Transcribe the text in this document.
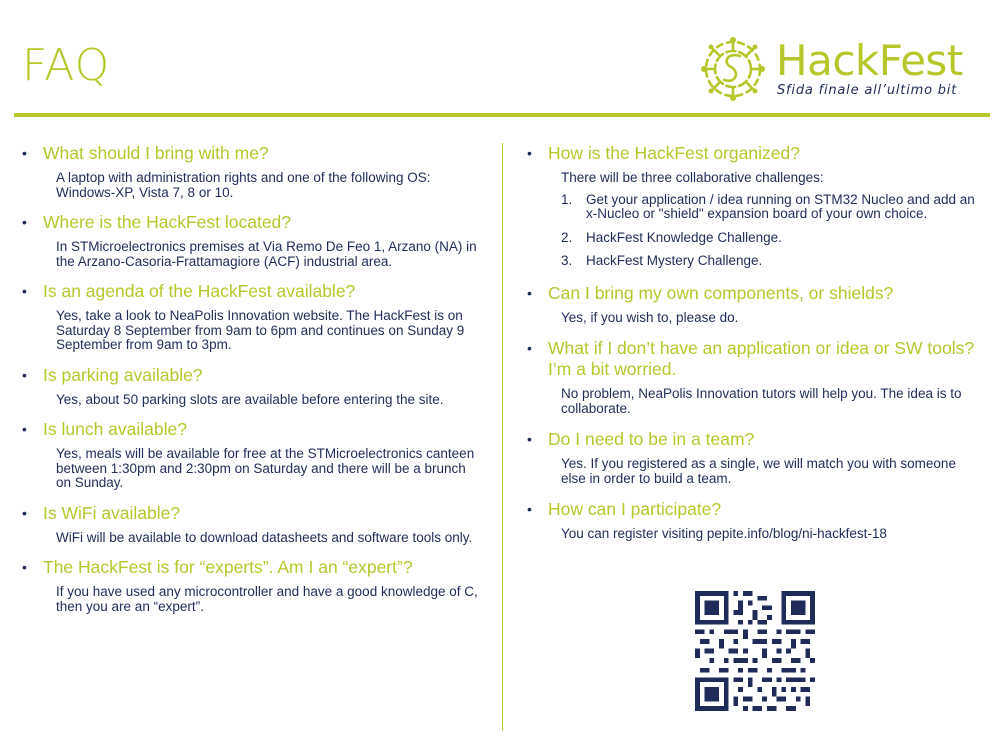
FAQ	HackFest
Sfida finale all’ultimo bit
• What should I bring with me?
A laptop with administration rights and one of the following OS: Windows-XP, Vista 7, 8 or 10.
• Where is the HackFest located?
In STMicroelectronics premises at Via Remo De Feo 1, Arzano (NA) in the Arzano-Casoria-Frattamagiore (ACF) industrial area.
• Is an agenda of the HackFest available?
Yes, take a look to NeaPolis Innovation website. The HackFest is on Saturday 8 September from 9am to 6pm and continues on Sunday 9 September from 9am to 3pm.
• Is parking available?
Yes, about 50 parking slots are available before entering the site.
• Is lunch available?
Yes, meals will be available for free at the STMicroelectronics canteen between 1:30pm and 2:30pm on Saturday and there will be a brunch on Sunday.
• Is WiFi available?
WiFi will be available to download datasheets and software tools only.
• The HackFest is for “experts”. Am I an “expert”?
If you have used any microcontroller and have a good knowledge of C, then you are an “expert”.
• How is the HackFest organized?
There will be three collaborative challenges:
1. Get your application / idea running on STM32 Nucleo and add an x-Nucleo or "shield" expansion board of your own choice.
2. HackFest Knowledge Challenge.
3. HackFest Mystery Challenge.
• Can I bring my own components, or shields?
Yes, if you wish to, please do.
• What if I don’t have an application or idea or SW tools? I’m a bit worried.
No problem, NeaPolis Innovation tutors will help you. The idea is to collaborate.
• Do I need to be in a team?
Yes. If you registered as a single, we will match you with someone else in order to build a team.
• How can I participate?
You can register visiting pepite.info/blog/ni-hackfest-18
